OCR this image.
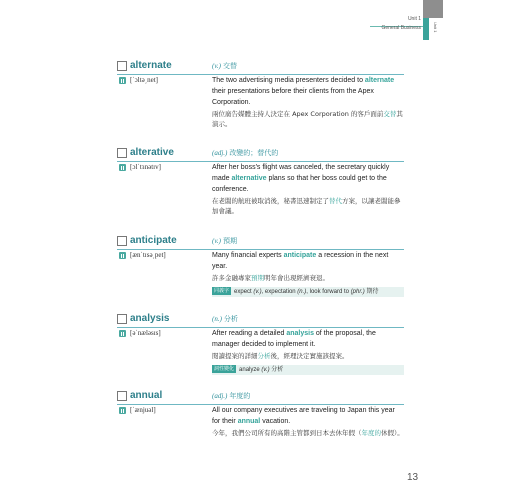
Unit 1
General Business	Unit 1
alternate	(v.) 交替
[ˈɔltə͵net]	The two advertising media presenters decided to alternate their presentations before their clients from the Apex Corporation.
兩位廣告媒體主持人決定在 Apex Corporation 的客戶面前交替其演示。
alterative	(adj.) 改變的；替代的
[ɔlˈtɜnətɪv]	After her boss's flight was canceled, the secretary quickly made alternative plans so that her boss could get to the conference.
在老闆的航班被取消後，秘書迅速制定了替代方案，以讓老闆能參加會議。
anticipate	(v.) 預期
[ænˈtɪsə͵pet]	Many financial experts anticipate a recession in the next year.
許多金融專家預期明年會出現經濟衰退。
同義字 expect (v.), expectation (n.), look forward to (phr.) 期待
analysis	(n.) 分析
[əˈnæləsɪs]	After reading a detailed analysis of the proposal, the manager decided to implement it.
閱讀提案的詳細分析後，經理決定實施該提案。
詞性變化 analyze (v.) 分析
annual	(adj.) 年度的
[ˈænjuəl]	All our company executives are traveling to Japan this year for their annual vacation.
今年，我們公司所有的高階主管都到日本去休年假（年度的休假）。
13
